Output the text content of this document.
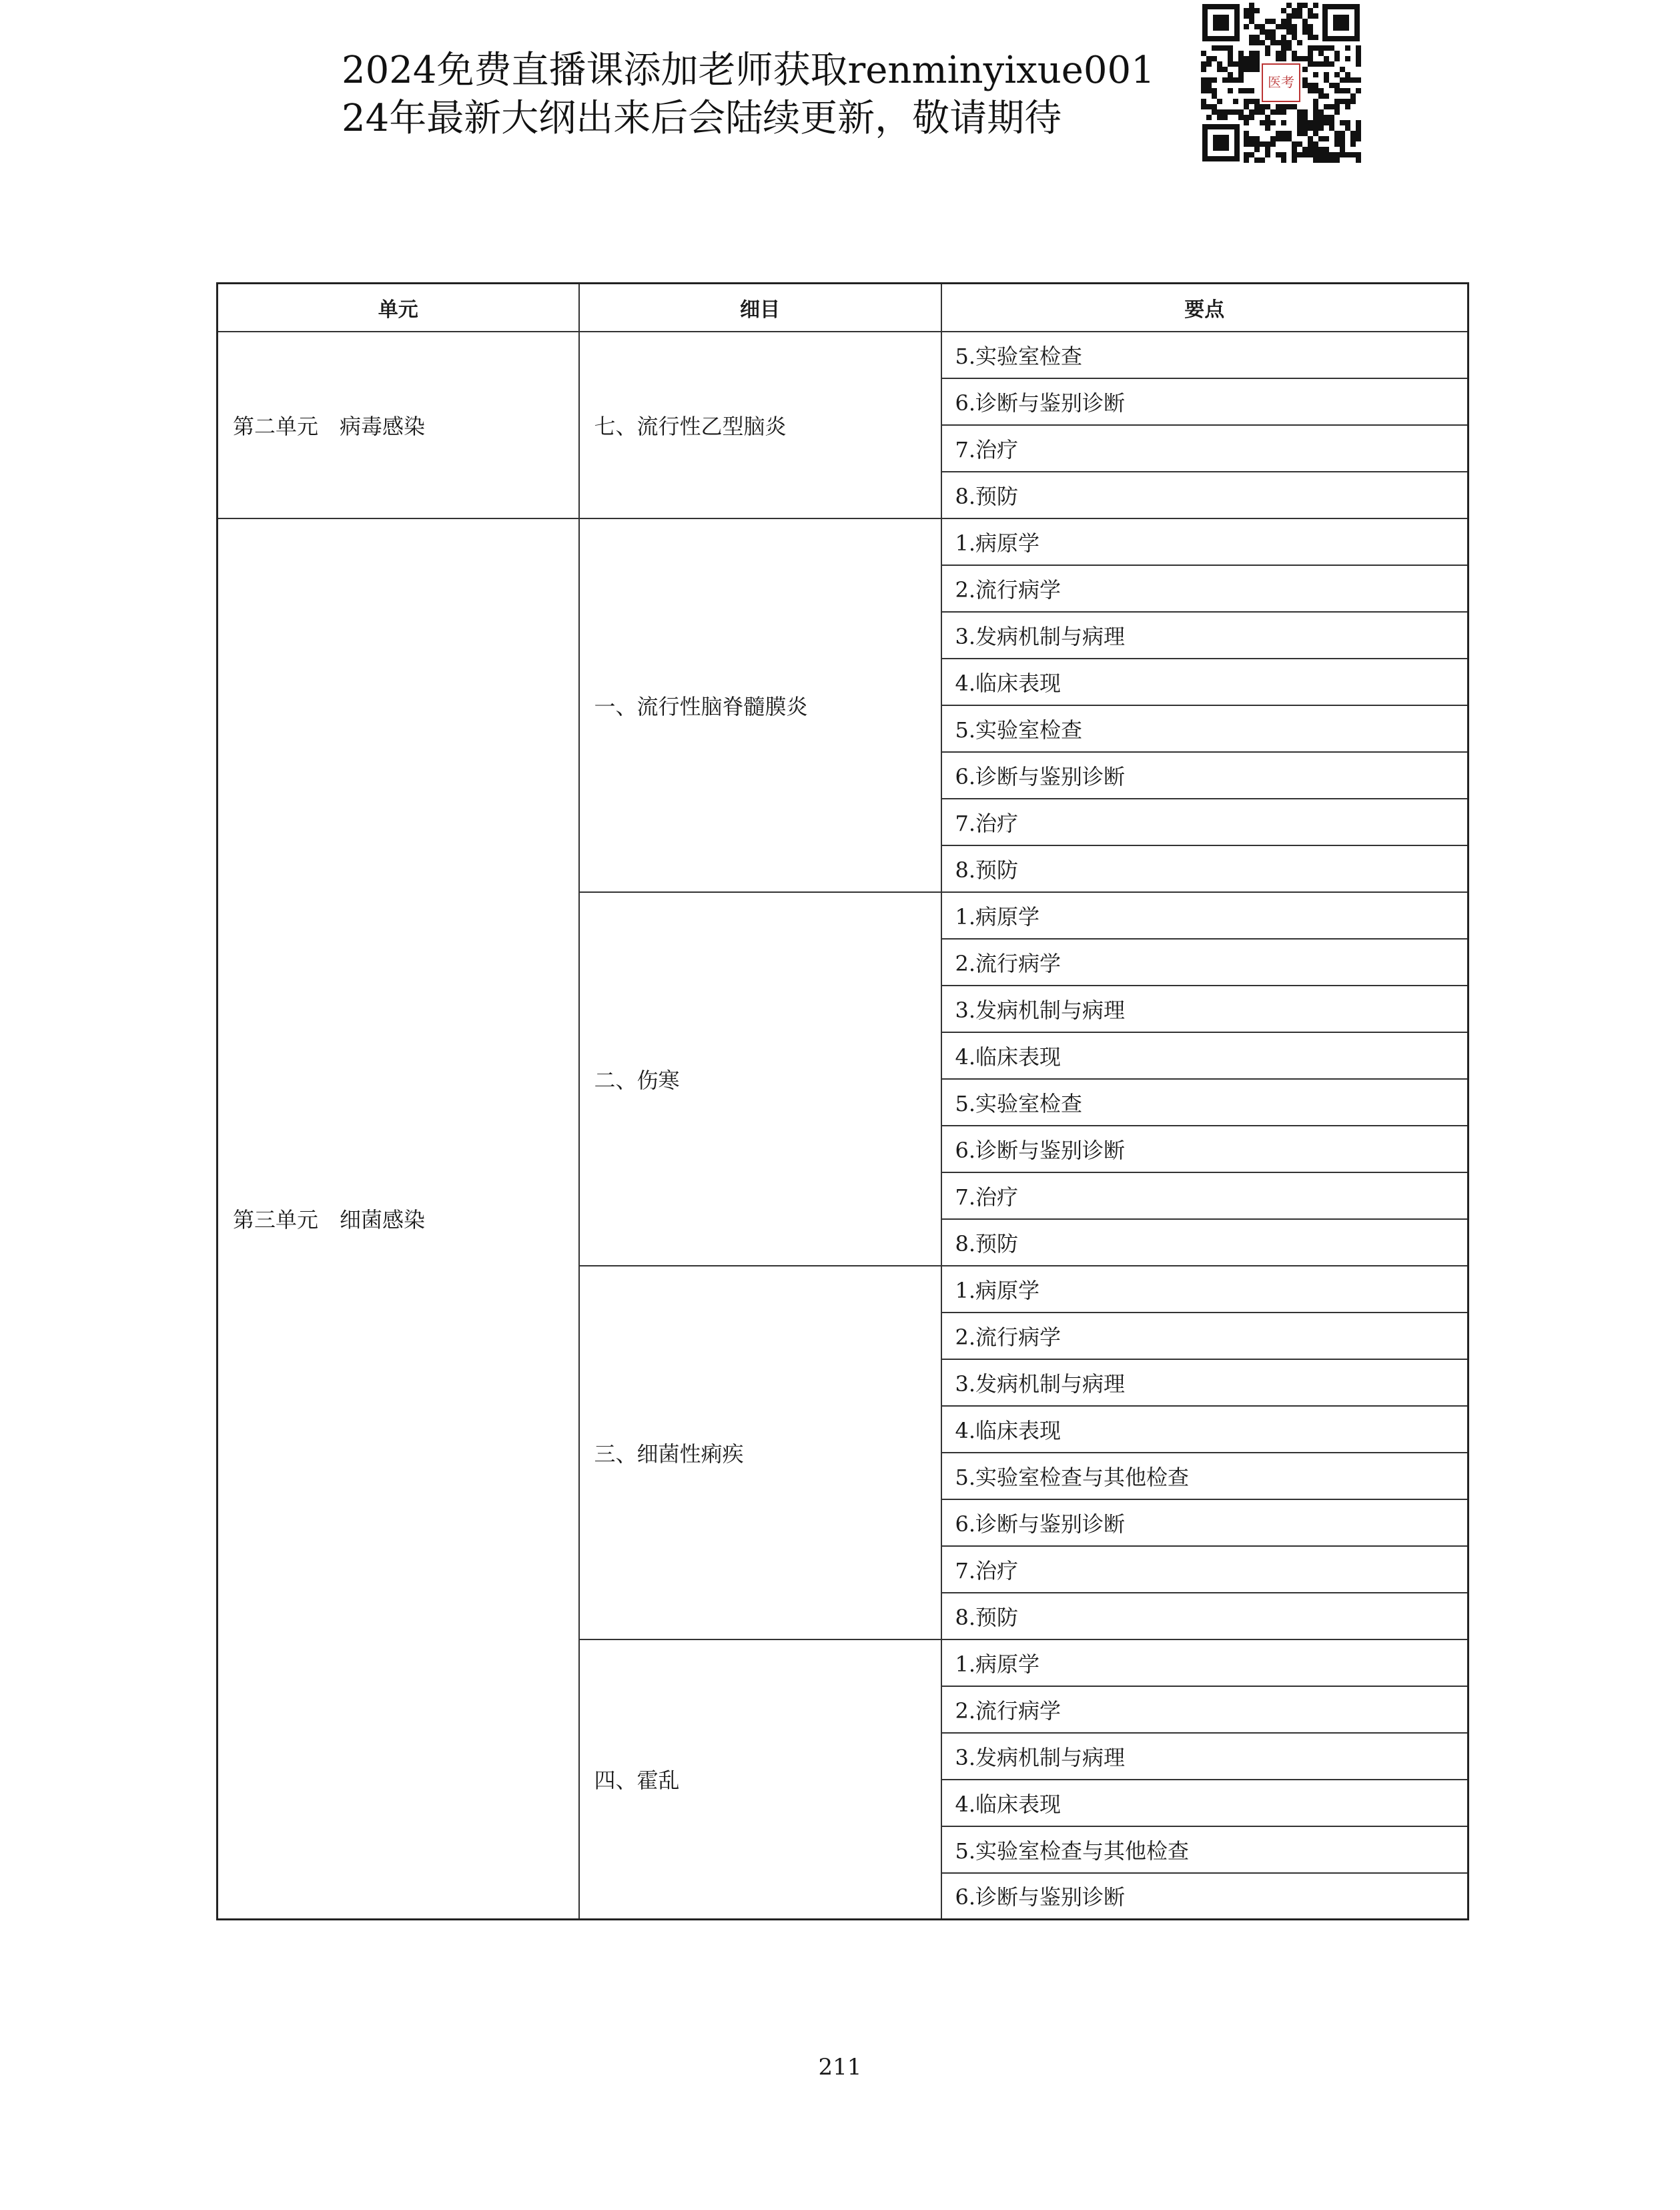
2024免费直播课添加老师获取renminyixue001
24年最新大纲出来后会陆续更新，敬请期待
医考
单元	细目	要点
第二单元　病毒感染	七、流行性乙型脑炎	5.实验室检查
		6.诊断与鉴别诊断
		7.治疗
		8.预防
第三单元　细菌感染	一、流行性脑脊髓膜炎	1.病原学
		2.流行病学
		3.发病机制与病理
		4.临床表现
		5.实验室检查
		6.诊断与鉴别诊断
		7.治疗
		8.预防
	二、伤寒	1.病原学
		2.流行病学
		3.发病机制与病理
		4.临床表现
		5.实验室检查
		6.诊断与鉴别诊断
		7.治疗
		8.预防
	三、细菌性痢疾	1.病原学
		2.流行病学
		3.发病机制与病理
		4.临床表现
		5.实验室检查与其他检查
		6.诊断与鉴别诊断
		7.治疗
		8.预防
	四、霍乱	1.病原学
		2.流行病学
		3.发病机制与病理
		4.临床表现
		5.实验室检查与其他检查
		6.诊断与鉴别诊断
211
